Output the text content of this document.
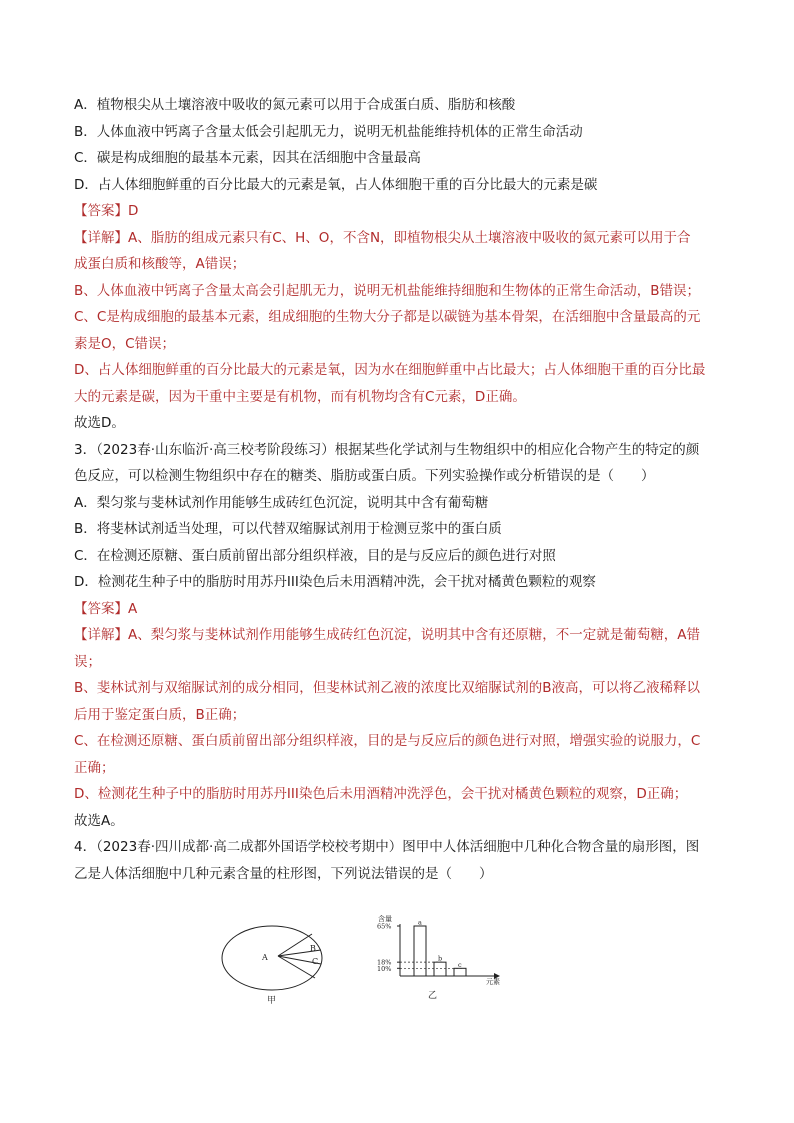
A．植物根尖从土壤溶液中吸收的氮元素可以用于合成蛋白质、脂肪和核酸
B．人体血液中钙离子含量太低会引起肌无力，说明无机盐能维持机体的正常生命活动
C．碳是构成细胞的最基本元素，因其在活细胞中含量最高
D．占人体细胞鲜重的百分比最大的元素是氧，占人体细胞干重的百分比最大的元素是碳
【答案】D
【详解】A、脂肪的组成元素只有C、H、O，不含N，即植物根尖从土壤溶液中吸收的氮元素可以用于合
成蛋白质和核酸等，A错误；
B、人体血液中钙离子含量太高会引起肌无力，说明无机盐能维持细胞和生物体的正常生命活动，B错误；
C、C是构成细胞的最基本元素，组成细胞的生物大分子都是以碳链为基本骨架，在活细胞中含量最高的元
素是O，C错误；
D、占人体细胞鲜重的百分比最大的元素是氧，因为水在细胞鲜重中占比最大；占人体细胞干重的百分比最
大的元素是碳，因为干重中主要是有机物，而有机物均含有C元素，D正确。
故选D。
3．（2023春·山东临沂·高三校考阶段练习）根据某些化学试剂与生物组织中的相应化合物产生的特定的颜
色反应，可以检测生物组织中存在的糖类、脂肪或蛋白质。下列实验操作或分析错误的是（　　）
A．梨匀浆与斐林试剂作用能够生成砖红色沉淀，说明其中含有葡萄糖
B．将斐林试剂适当处理，可以代替双缩脲试剂用于检测豆浆中的蛋白质
C．在检测还原糖、蛋白质前留出部分组织样液，目的是与反应后的颜色进行对照
D．检测花生种子中的脂肪时用苏丹III染色后未用酒精冲洗，会干扰对橘黄色颗粒的观察
【答案】A
【详解】A、梨匀浆与斐林试剂作用能够生成砖红色沉淀，说明其中含有还原糖，不一定就是葡萄糖，A错
误；
B、斐林试剂与双缩脲试剂的成分相同，但斐林试剂乙液的浓度比双缩脲试剂的B液高，可以将乙液稀释以
后用于鉴定蛋白质，B正确；
C、在检测还原糖、蛋白质前留出部分组织样液，目的是与反应后的颜色进行对照，增强实验的说服力，C
正确；
D、检测花生种子中的脂肪时用苏丹III染色后未用酒精冲洗浮色，会干扰对橘黄色颗粒的观察，D正确；
故选A。
4．（2023春·四川成都·高二成都外国语学校校考期中）图甲中人体活细胞中几种化合物含量的扇形图，图
乙是人体活细胞中几种元素含量的柱形图，下列说法错误的是（　　）
A
B
C
甲
含量
元素
65%
18%
10%
a
b
c
乙
